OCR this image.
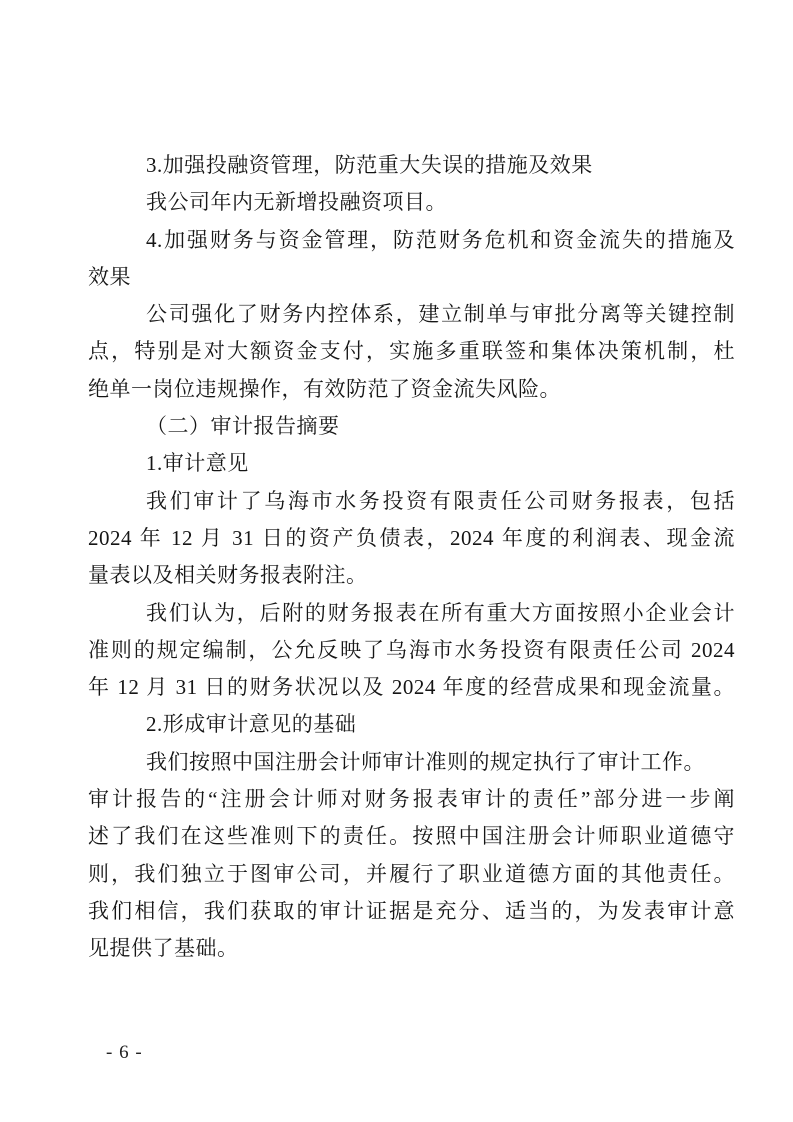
3.加强投融资管理，防范重大失误的措施及效果
我公司年内无新增投融资项目。
4.加强财务与资金管理，防范财务危机和资金流失的措施及
效果
公司强化了财务内控体系，建立制单与审批分离等关键控制
点，特别是对大额资金支付，实施多重联签和集体决策机制，杜
绝单一岗位违规操作，有效防范了资金流失风险。
（二）审计报告摘要
1.审计意见
我们审计了乌海市水务投资有限责任公司财务报表，包括
2024 年 12 月 31 日的资产负债表，2024 年度的利润表、现金流
量表以及相关财务报表附注。
我们认为，后附的财务报表在所有重大方面按照小企业会计
准则的规定编制，公允反映了乌海市水务投资有限责任公司 2024
年 12 月 31 日的财务状况以及 2024 年度的经营成果和现金流量。
2.形成审计意见的基础
我们按照中国注册会计师审计准则的规定执行了审计工作。
审计报告的“注册会计师对财务报表审计的责任”部分进一步阐
述了我们在这些准则下的责任。按照中国注册会计师职业道德守
则，我们独立于图审公司，并履行了职业道德方面的其他责任。
我们相信，我们获取的审计证据是充分、适当的，为发表审计意
见提供了基础。
- 6 -
